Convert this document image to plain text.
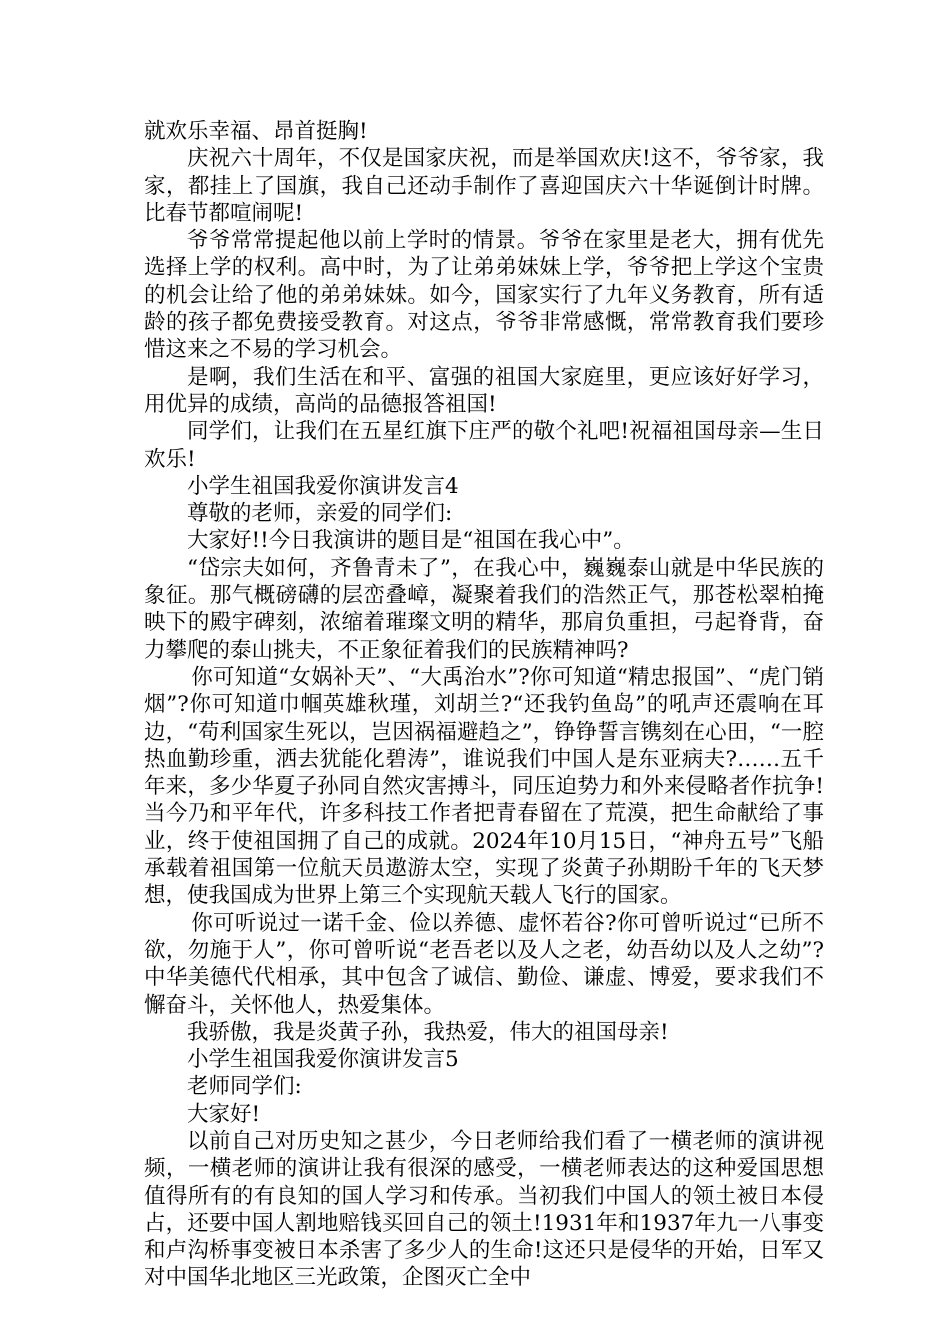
就欢乐幸福、昂首挺胸!

庆祝六十周年，不仅是国家庆祝，而是举国欢庆!这不，爷爷家，我家，都挂上了国旗，我自己还动手制作了喜迎国庆六十华诞倒计时牌。比春节都喧闹呢!

爷爷常常提起他以前上学时的情景。爷爷在家里是老大，拥有优先选择上学的权利。高中时，为了让弟弟妹妹上学，爷爷把上学这个宝贵的机会让给了他的弟弟妹妹。如今，国家实行了九年义务教育，所有适龄的孩子都免费接受教育。对这点，爷爷非常感慨，常常教育我们要珍惜这来之不易的学习机会。

是啊，我们生活在和平、富强的祖国大家庭里，更应该好好学习，用优异的成绩，高尚的品德报答祖国!

同学们，让我们在五星红旗下庄严的敬个礼吧!祝福祖国母亲—生日欢乐!

小学生祖国我爱你演讲发言4

尊敬的老师，亲爱的同学们:

大家好!!今日我演讲的题目是“祖国在我心中”。

“岱宗夫如何，齐鲁青未了”，在我心中，巍巍泰山就是中华民族的象征。那气概磅礴的层峦叠嶂，凝聚着我们的浩然正气，那苍松翠柏掩映下的殿宇碑刻，浓缩着璀璨文明的精华，那肩负重担，弓起脊背，奋力攀爬的泰山挑夫，不正象征着我们的民族精神吗?

你可知道“女娲补天”、“大禹治水”?你可知道“精忠报国”、“虎门销烟”?你可知道巾帼英雄秋瑾，刘胡兰?“还我钓鱼岛”的吼声还震响在耳边，“苟利国家生死以，岂因祸福避趋之”，铮铮誓言镌刻在心田，“一腔热血勤珍重，洒去犹能化碧涛”，谁说我们中国人是东亚病夫?……五千年来，多少华夏子孙同自然灾害搏斗，同压迫势力和外来侵略者作抗争!当今乃和平年代，许多科技工作者把青春留在了荒漠，把生命献给了事业，终于使祖国拥了自己的成就。2024年10月15日，“神舟五号”飞船承载着祖国第一位航天员遨游太空，实现了炎黄子孙期盼千年的飞天梦想，使我国成为世界上第三个实现航天载人飞行的国家。

你可听说过一诺千金、俭以养德、虚怀若谷?你可曾听说过“已所不欲，勿施于人”，你可曾听说“老吾老以及人之老，幼吾幼以及人之幼”?中华美德代代相承，其中包含了诚信、勤俭、谦虚、博爱，要求我们不懈奋斗，关怀他人，热爱集体。

我骄傲，我是炎黄子孙，我热爱，伟大的祖国母亲!

小学生祖国我爱你演讲发言5

老师同学们:

大家好!

以前自己对历史知之甚少，今日老师给我们看了一横老师的演讲视频，一横老师的演讲让我有很深的感受，一横老师表达的这种爱国思想值得所有的有良知的国人学习和传承。当初我们中国人的领土被日本侵占，还要中国人割地赔钱买回自己的领土!1931年和1937年九一八事变和卢沟桥事变被日本杀害了多少人的生命!这还只是侵华的开始，日军又对中国华北地区三光政策，企图灭亡全中
